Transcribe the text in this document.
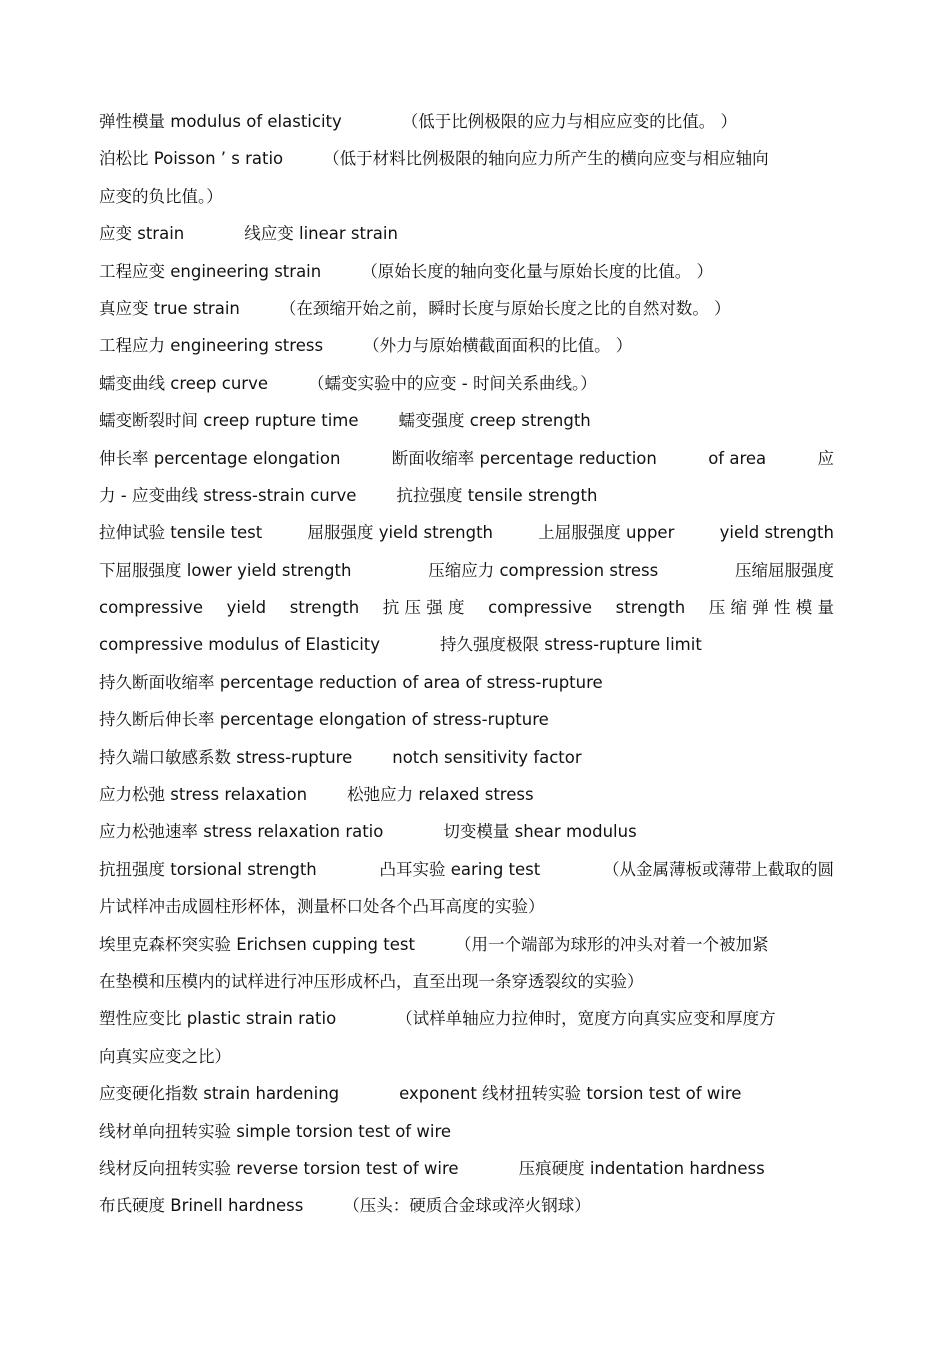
弹性模量 modulus of elasticity	（低于比例极限的应力与相应应变的比值。 ）
泊松比 Poisson ’ s ratio （低于材料比例极限的轴向应力所产生的横向应变与相应轴向
应变的负比值。）
应变 strain	线应变 linear strain
工程应变 engineering strain （原始长度的轴向变化量与原始长度的比值。 ）
真应变 true strain （在颈缩开始之前，瞬时长度与原始长度之比的自然对数。 ）
工程应力 engineering stress （外力与原始横截面面积的比值。 ）
蠕变曲线 creep curve （蠕变实验中的应变 - 时间关系曲线。）
蠕变断裂时间 creep rupture time 蠕变强度 creep strength
伸长率 percentage elongation	断面收缩率 percentage reduction	of area	应
力 - 应变曲线 stress-strain curve 抗拉强度 tensile strength
拉伸试验 tensile test	屈服强度 yield strength	上屈服强度 upper	yield strength
下屈服强度 lower yield strength	压缩应力 compression stress	压缩屈服强度
compressive yield strength 抗 压 强 度 compressive strength 压 缩 弹 性 模 量
compressive modulus of Elasticity	持久强度极限 stress-rupture limit
持久断面收缩率 percentage reduction of area of stress-rupture
持久断后伸长率 percentage elongation of stress-rupture
持久端口敏感系数 stress-rupture notch sensitivity factor
应力松弛 stress relaxation 松弛应力 relaxed stress
应力松弛速率 stress relaxation ratio	切变模量 shear modulus
抗扭强度 torsional strength	凸耳实验 earing test	（从金属薄板或薄带上截取的圆
片试样冲击成圆柱形杯体，测量杯口处各个凸耳高度的实验）
埃里克森杯突实验 Erichsen cupping test （用一个端部为球形的冲头对着一个被加紧
在垫模和压模内的试样进行冲压形成杯凸，直至出现一条穿透裂纹的实验）
塑性应变比 plastic strain ratio	（试样单轴应力拉伸时，宽度方向真实应变和厚度方
向真实应变之比）
应变硬化指数 strain hardening	exponent 线材扭转实验 torsion test of wire
线材单向扭转实验 simple torsion test of wire
线材反向扭转实验 reverse torsion test of wire	压痕硬度 indentation hardness
布氏硬度 Brinell hardness （压头：硬质合金球或淬火钢球）
